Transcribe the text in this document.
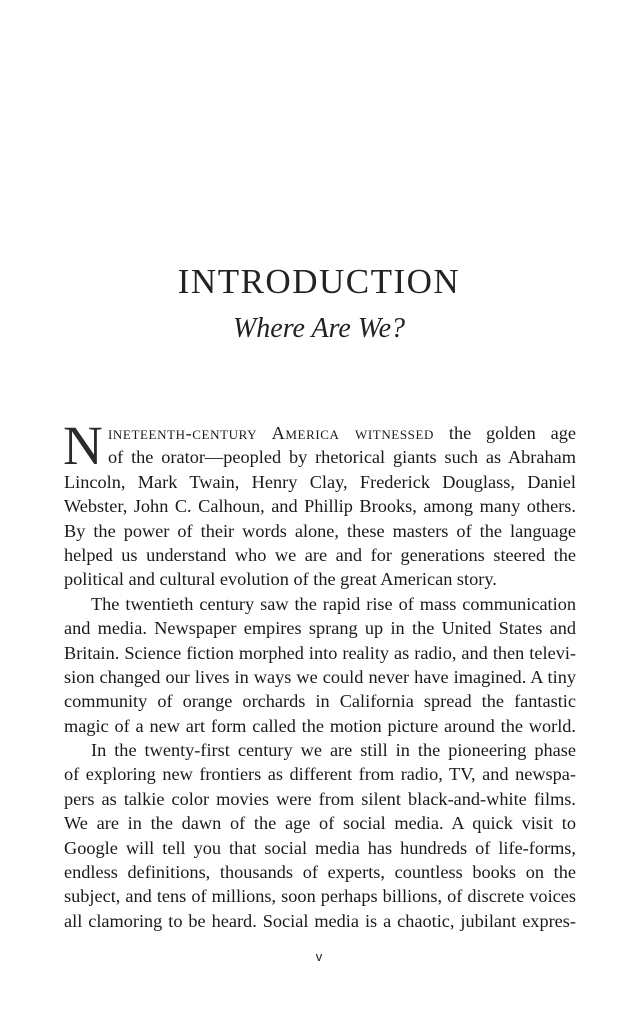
INTRODUCTION
Where Are We?
N ineteenth-century America witnessed the golden age
of the orator—peopled by rhetorical giants such as Abraham
Lincoln, Mark Twain, Henry Clay, Frederick Douglass, Daniel
Webster, John C. Calhoun, and Phillip Brooks, among many others.
By the power of their words alone, these masters of the language
helped us understand who we are and for generations steered the
political and cultural evolution of the great American story.
The twentieth century saw the rapid rise of mass communication
and media. Newspaper empires sprang up in the United States and
Britain. Science fiction morphed into reality as radio, and then televi-
sion changed our lives in ways we could never have imagined. A tiny
community of orange orchards in California spread the fantastic
magic of a new art form called the motion picture around the world.
In the twenty-first century we are still in the pioneering phase
of exploring new frontiers as different from radio, TV, and newspa-
pers as talkie color movies were from silent black-and-white films.
We are in the dawn of the age of social media. A quick visit to
Google will tell you that social media has hundreds of life-forms,
endless definitions, thousands of experts, countless books on the
subject, and tens of millions, soon perhaps billions, of discrete voices
all clamoring to be heard. Social media is a chaotic, jubilant expres-
v
